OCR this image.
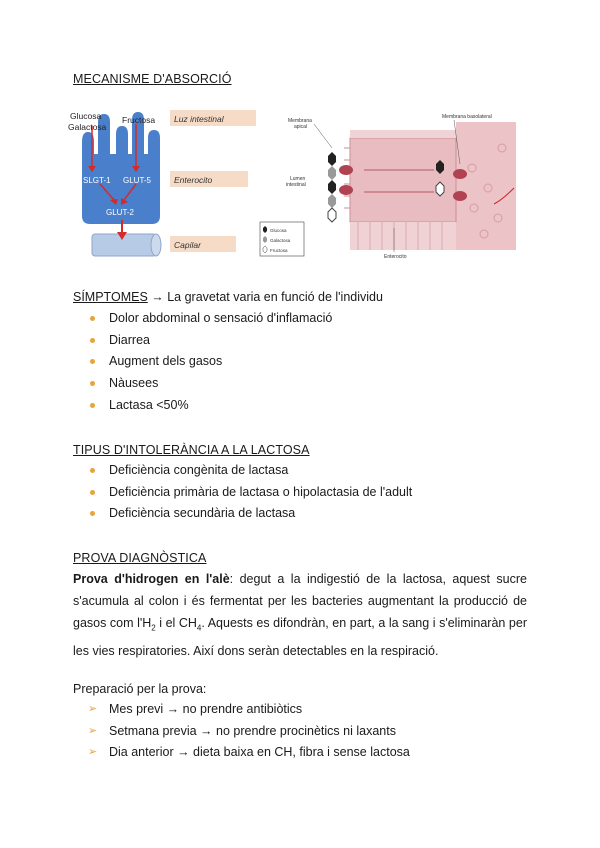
MECANISME D'ABSORCIÓ
Glucosa
Galactosa
Fructosa
SLGT-1 GLUT-5
GLUT-2
Luz intestinal
Enterocito
Capilar
Membrana
apical
Membrana basolateral
Lumen
intestinal
Enterocito
Glucosa
Galactosa
Fructosa
SÍMPTOMES → La gravetat varia en funció de l'individu
Dolor abdominal o sensació d'inflamació
Diarrea
Augment dels gasos
Nàusees
Lactasa <50%
TIPUS D'INTOLERÀNCIA A LA LACTOSA
Deficiència congènita de lactasa
Deficiència primària de lactasa o hipolactasia de l'adult
Deficiència secundària de lactasa
PROVA DIAGNÒSTICA
Prova d'hidrogen en l'alè: degut a la indigestió de la lactosa, aquest sucre s'acumula al colon i és fermentat per les bacteries augmentant la producció de gasos com $l'H_2$ i el $CH_4$. Aquests es difondràn, en part, a la sang i s'eliminaràn per les vies respiratories. Així dons seràn detectables en la respiració.
Preparació per la prova:
➢ Mes previ → no prendre antibiòtics
➢ Setmana previa → no prendre procinètics ni laxants
➢ Dia anterior → dieta baixa en CH, fibra i sense lactosa
